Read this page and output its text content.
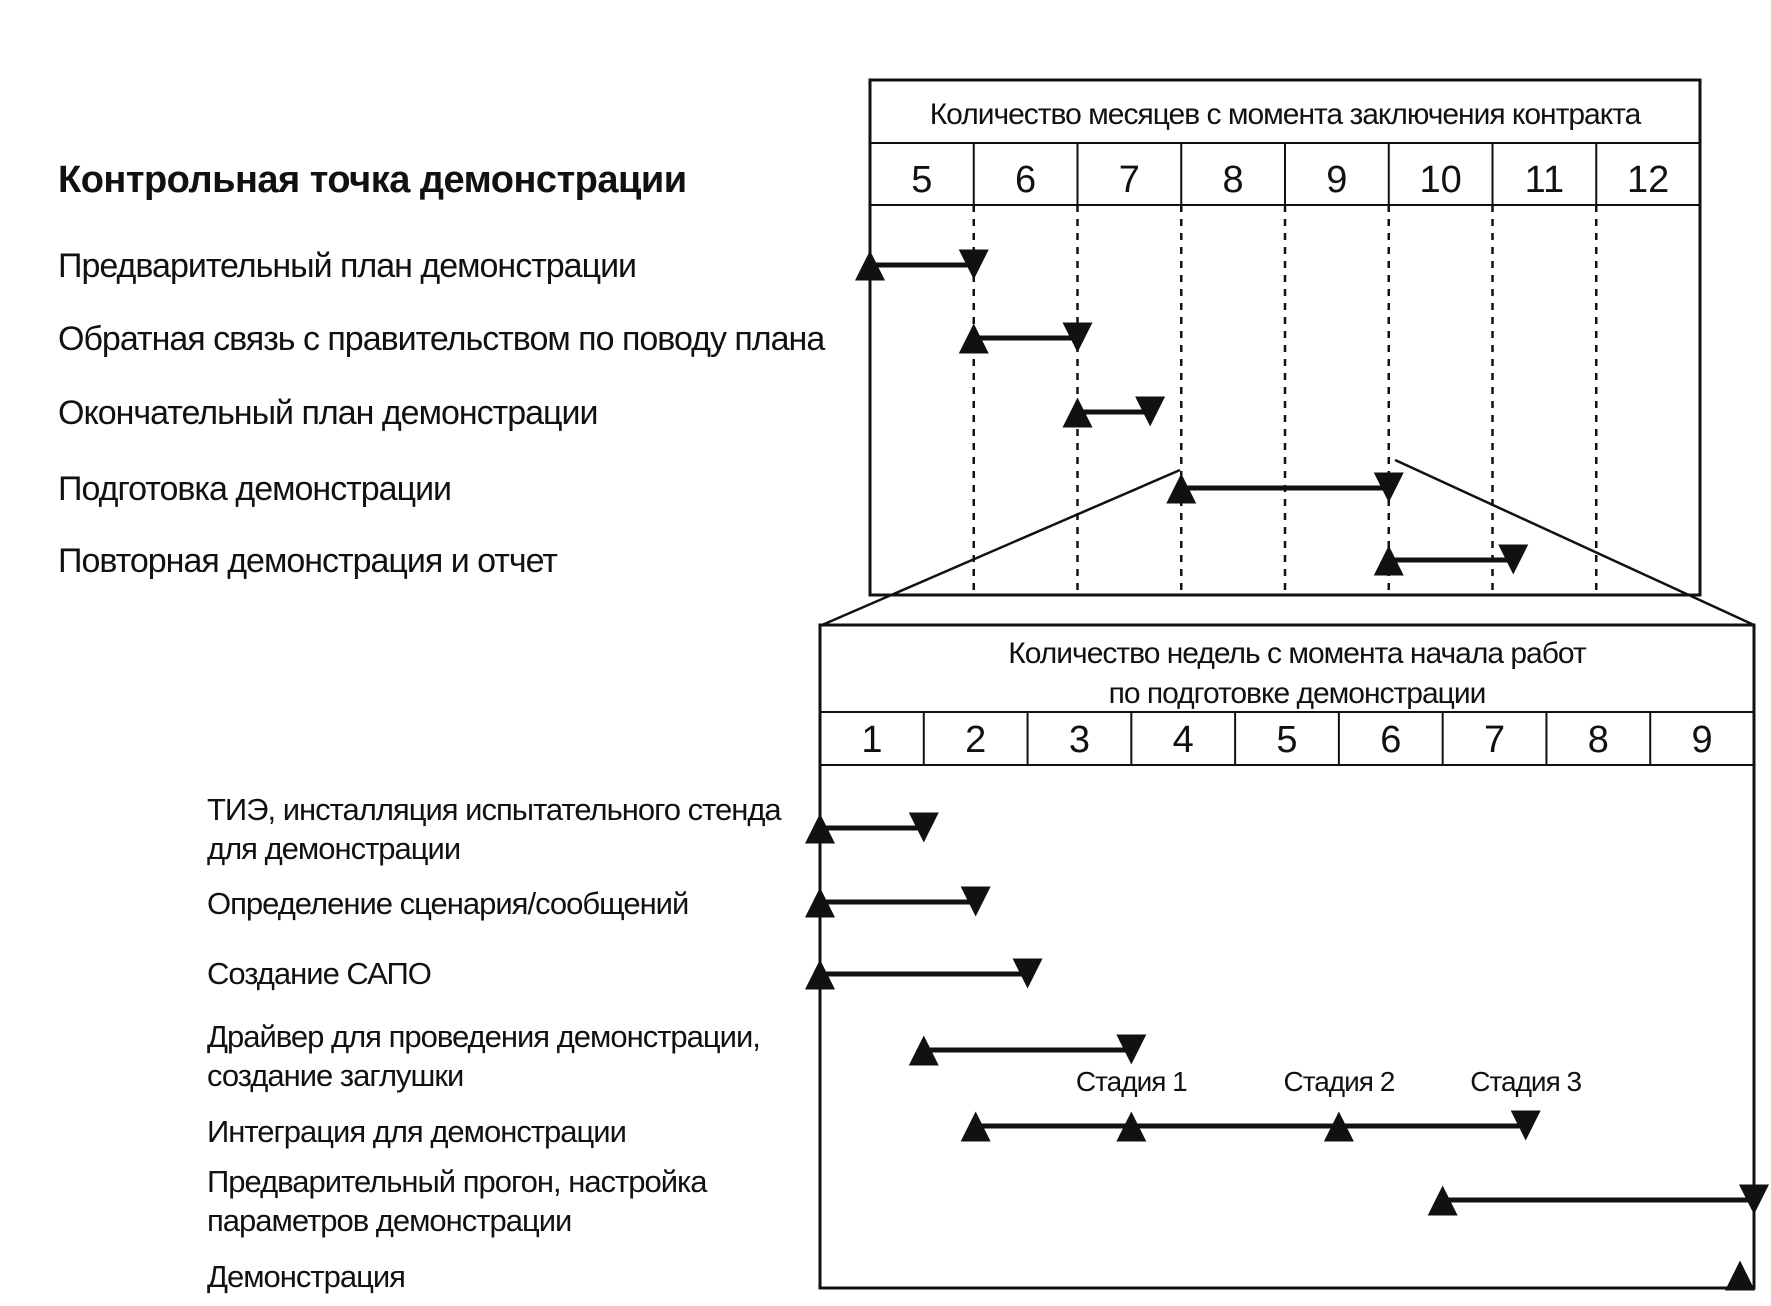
Контрольная точка демонстрации
Количество месяцев с момента заключения контракта
5 6 7 8 9 10 11 12
Предварительный план демонстрации
Обратная связь с правительством по поводу плана
Окончательный план демонстрации
Подготовка демонстрации
Повторная демонстрация и отчет
Количество недель с момента начала работ
по подготовке демонстрации
1 2 3 4 5 6 7 8 9
ТИЭ, инсталляция испытательного стенда
для демонстрации
Определение сценария/сообщений
Создание САПО
Драйвер для проведения демонстрации,
создание заглушки
Интеграция для демонстрации
Стадия 1	Стадия 2	Стадия 3
Предварительный прогон, настройка
параметров демонстрации
Демонстрация
